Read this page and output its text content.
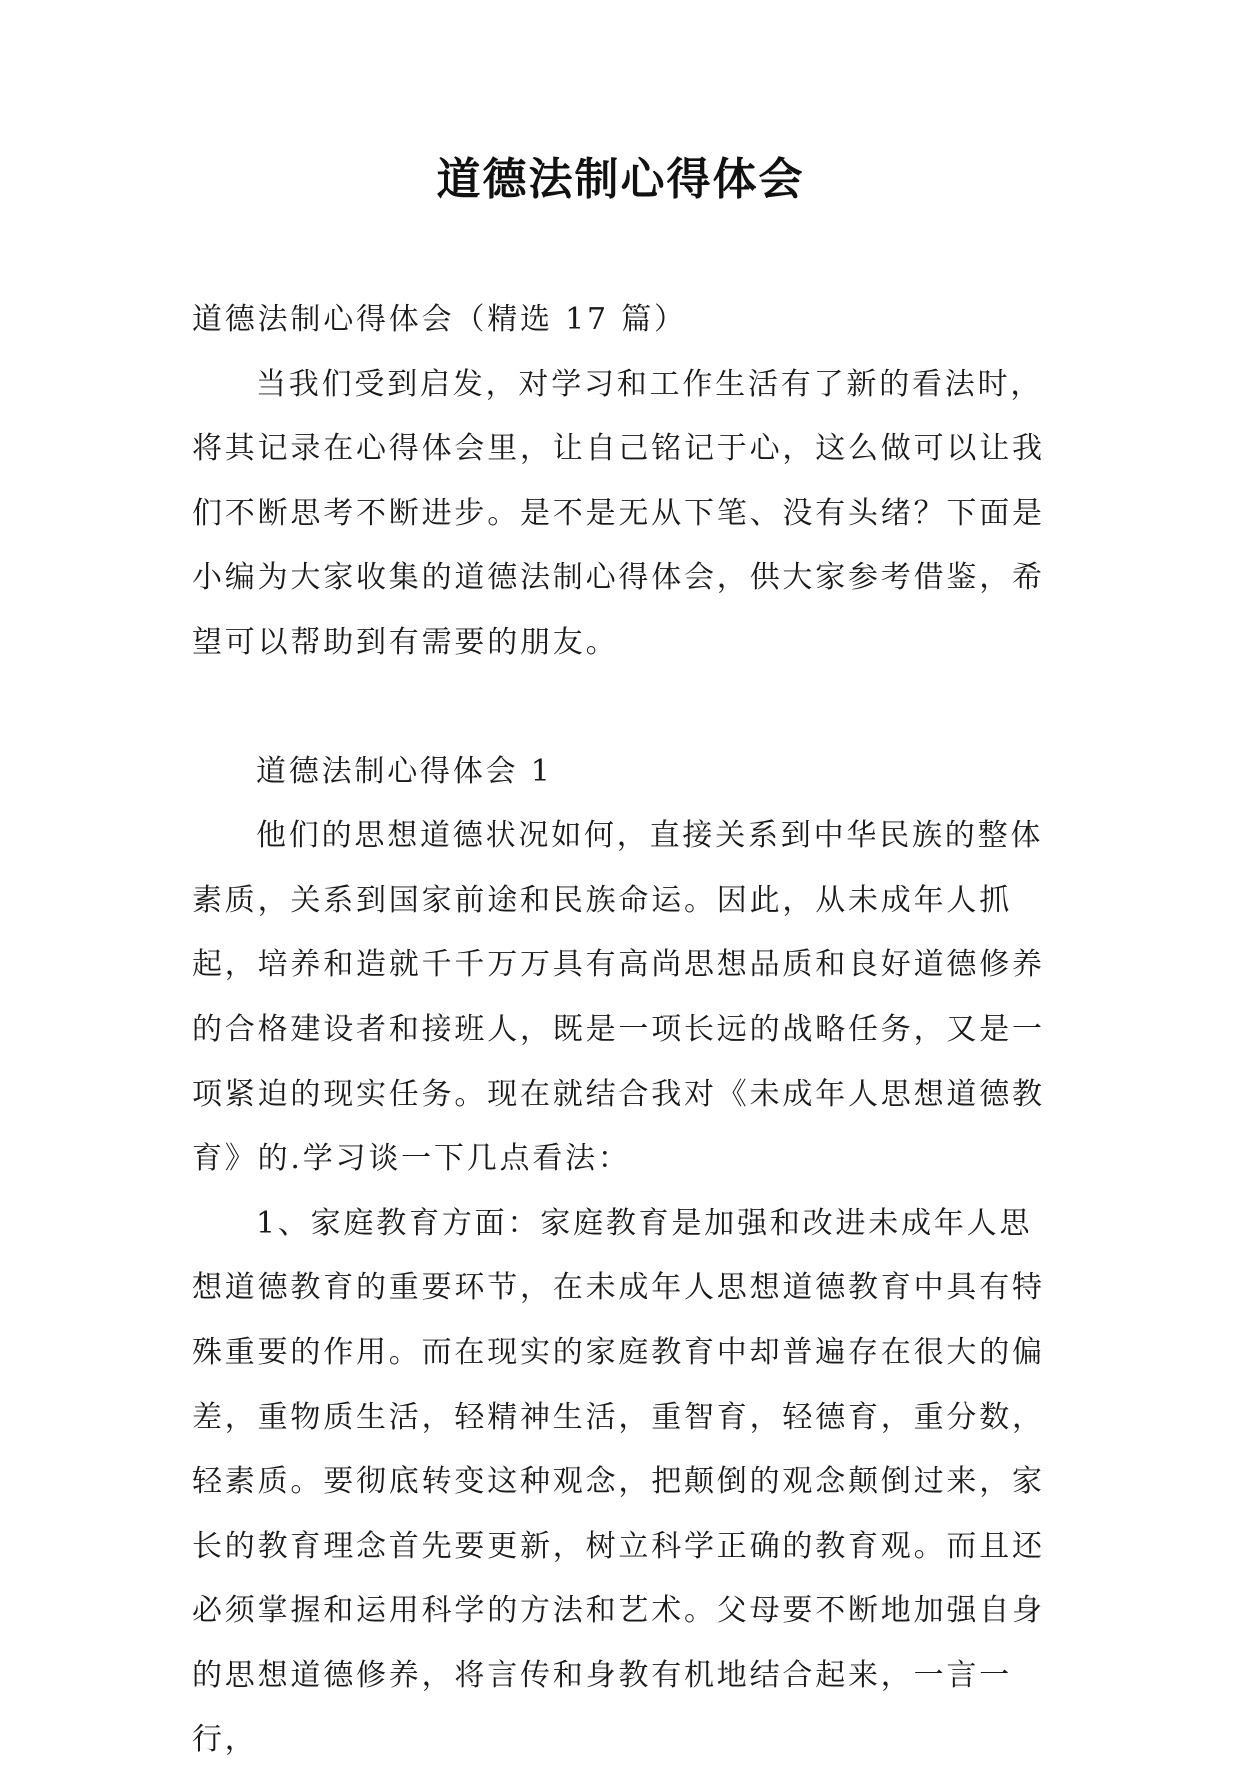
道德法制心得体会

道德法制心得体会（精选 17 篇）

当我们受到启发，对学习和工作生活有了新的看法时，将其记录在心得体会里，让自己铭记于心，这么做可以让我们不断思考不断进步。是不是无从下笔、没有头绪？下面是小编为大家收集的道德法制心得体会，供大家参考借鉴，希望可以帮助到有需要的朋友。

道德法制心得体会 1

他们的思想道德状况如何，直接关系到中华民族的整体素质，关系到国家前途和民族命运。因此，从未成年人抓起，培养和造就千千万万具有高尚思想品质和良好道德修养的合格建设者和接班人，既是一项长远的战略任务，又是一项紧迫的现实任务。现在就结合我对《未成年人思想道德教育》的.学习谈一下几点看法：

1、家庭教育方面：家庭教育是加强和改进未成年人思想道德教育的重要环节，在未成年人思想道德教育中具有特殊重要的作用。而在现实的家庭教育中却普遍存在很大的偏差，重物质生活，轻精神生活，重智育，轻德育，重分数，轻素质。要彻底转变这种观念，把颠倒的观念颠倒过来，家长的教育理念首先要更新，树立科学正确的教育观。而且还必须掌握和运用科学的方法和艺术。父母要不断地加强自身的思想道德修养，将言传和身教有机地结合起来，一言一行，
